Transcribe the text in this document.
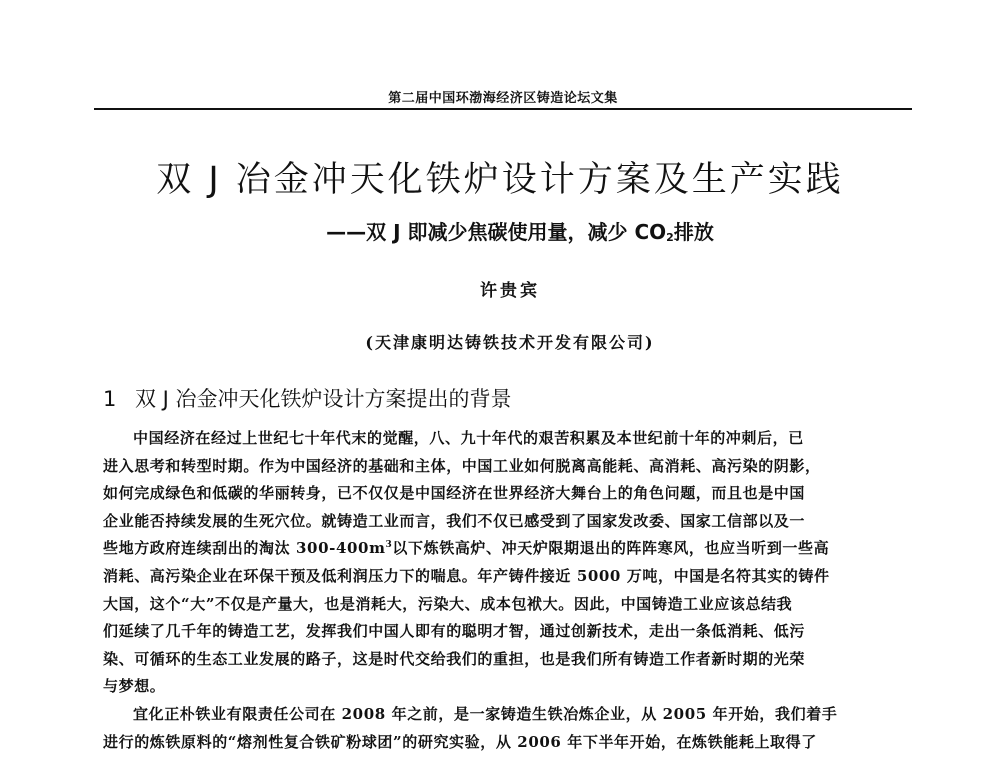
第二届中国环渤海经济区铸造论坛文集
双 J 冶金冲天化铁炉设计方案及生产实践
——双 J 即减少焦碳使用量，减少 $CO_2$排放
许贵宾
(天津康明达铸铁技术开发有限公司)
1 双 J 冶金冲天化铁炉设计方案提出的背景
中国经济在经过上世纪七十年代末的觉醒，八、九十年代的艰苦积累及本世纪前十年的冲刺后，已
进入思考和转型时期。作为中国经济的基础和主体，中国工业如何脱离高能耗、高消耗、高污染的阴影，
如何完成绿色和低碳的华丽转身，已不仅仅是中国经济在世界经济大舞台上的角色问题，而且也是中国
企业能否持续发展的生死穴位。就铸造工业而言，我们不仅已感受到了国家发改委、国家工信部以及一
些地方政府连续刮出的淘汰 $300-400m^3$以下炼铁高炉、冲天炉限期退出的阵阵寒风，也应当听到一些高
消耗、高污染企业在环保干预及低利润压力下的喘息。年产铸件接近 5000 万吨，中国是名符其实的铸件
大国，这个“大”不仅是产量大，也是消耗大，污染大、成本包袱大。因此，中国铸造工业应该总结我
们延续了几千年的铸造工艺，发挥我们中国人即有的聪明才智，通过创新技术，走出一条低消耗、低污
染、可循环的生态工业发展的路子，这是时代交给我们的重担，也是我们所有铸造工作者新时期的光荣
与梦想。
宜化正朴铁业有限责任公司在 2008 年之前，是一家铸造生铁冶炼企业，从 2005 年开始，我们着手
进行的炼铁原料的“熔剂性复合铁矿粉球团”的研究实验，从 2006 年下半年开始，在炼铁能耗上取得了
